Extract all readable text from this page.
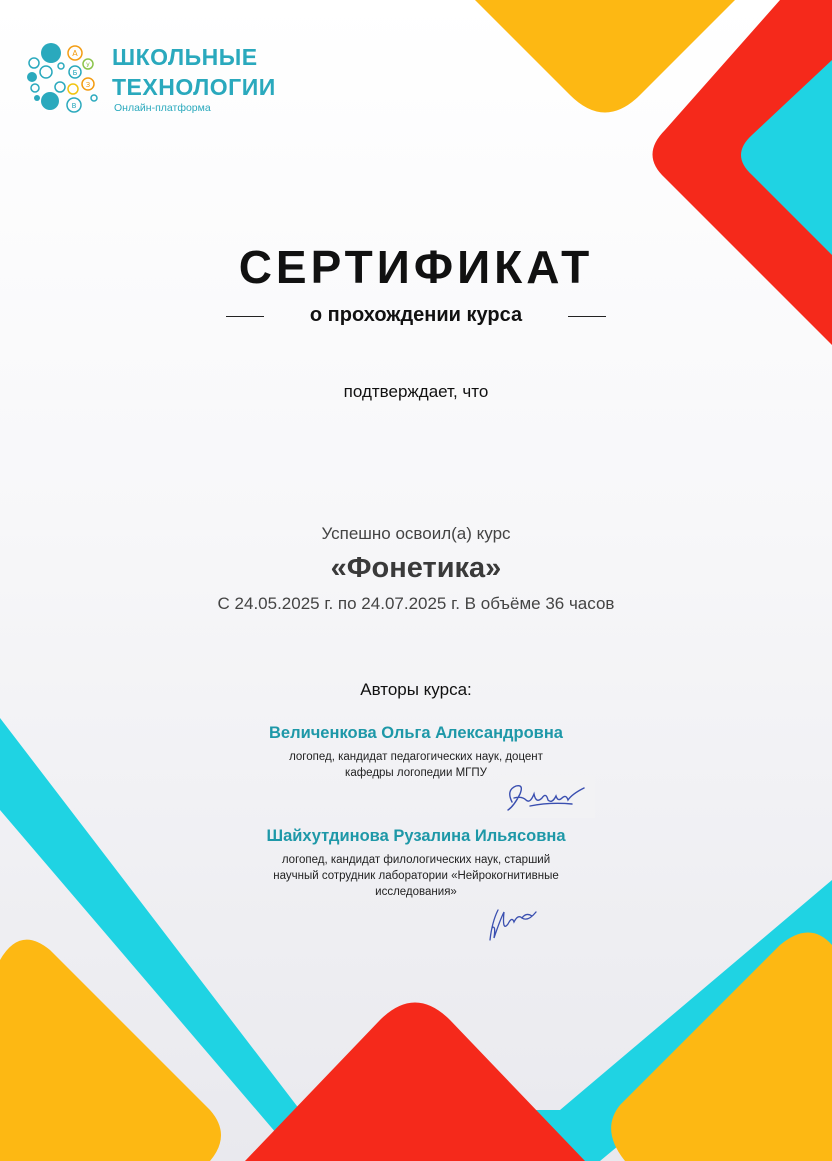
А
Б
У
З
В
ШКОЛЬНЫЕ
ТЕХНОЛОГИИ
Онлайн-платформа
СЕРТИФИКАТ
о прохождении курса
подтверждает, что
Успешно освоил(а) курс
«Фонетика»
С 24.05.2025 г. по 24.07.2025 г. В объёме 36 часов
Авторы курса:
Величенкова Ольга Александровна
логопед, кандидат педагогических наук, доцент
кафедры логопедии МГПУ
Шайхутдинова Рузалина Ильясовна
логопед, кандидат филологических наук, старший
научный сотрудник лаборатории «Нейрокогнитивные
исследования»
